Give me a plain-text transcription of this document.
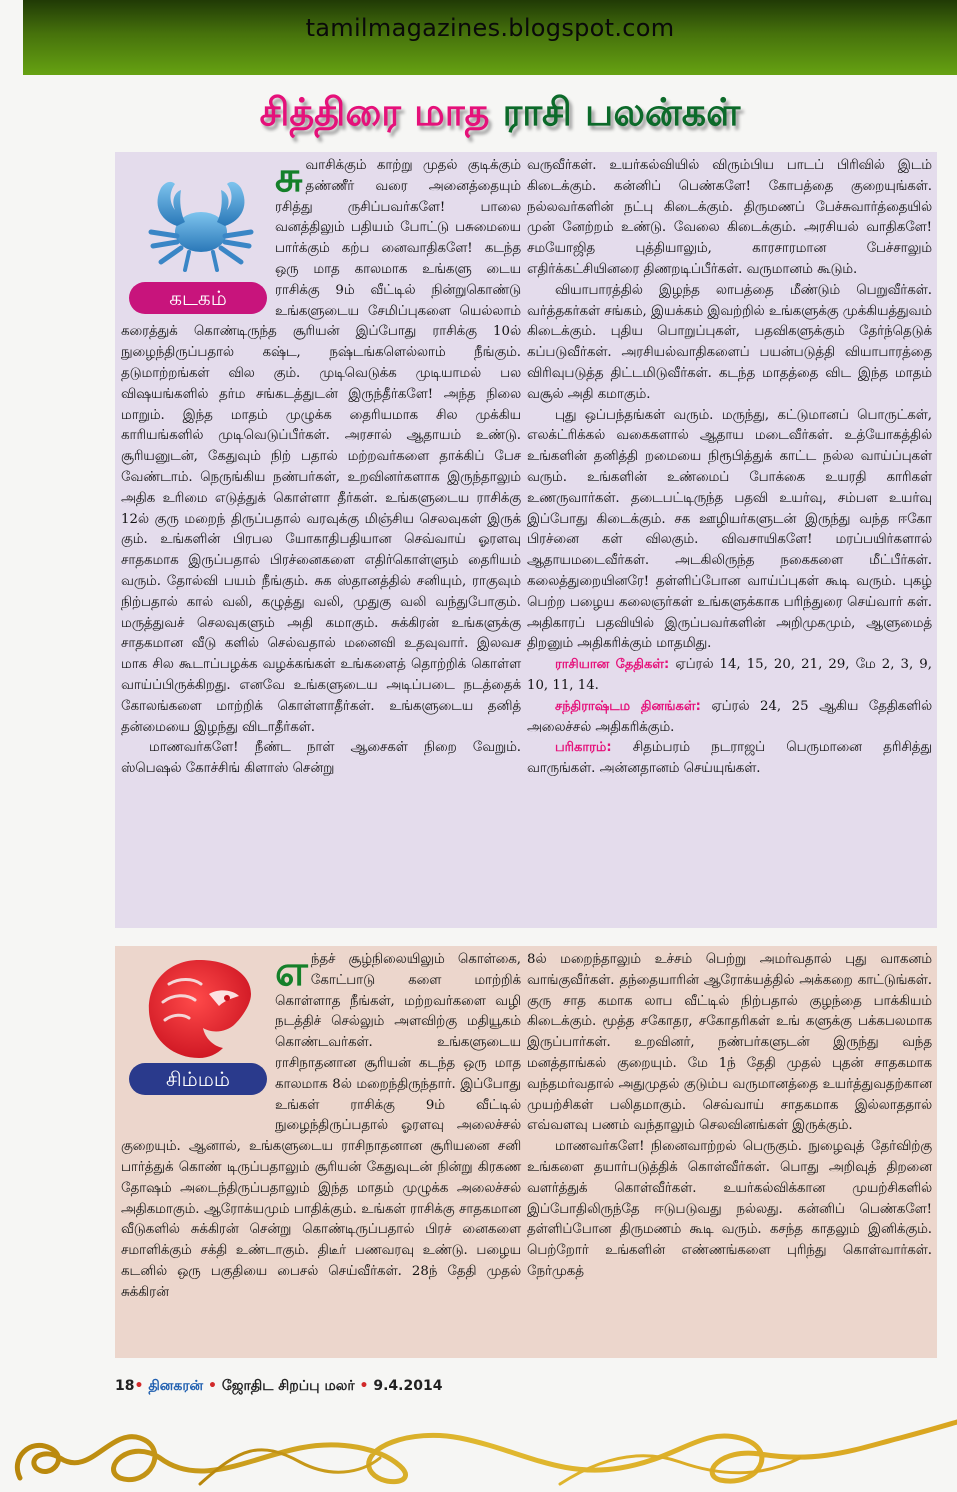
tamilmagazines.blogspot.com
சித்திரை மாத ராசி பலன்கள்
கடகம்
சு வாசிக்கும் காற்று முதல் குடிக்கும் தண்ணீர் வரை அனைத்தையும் ரசித்து ருசிப்பவர்களே! பாலை வனத்திலும் பதியம் போட்டு பசுமையை பார்க்கும் கற்ப னைவாதிகளே! கடந்த ஒரு மாத காலமாக உங்களு டைய ராசிக்கு 9ம் வீட்டில் நின்றுகொண்டு உங்களுடைய சேமிப்புகளை யெல்லாம் கரைத்துக் கொண்டிருந்த சூரியன் இப்போது ராசிக்கு 10ல் நுழைந்திருப்பதால் கஷ்ட, நஷ்டங்களெல்லாம் நீங்கும். தடுமாற்றங்கள் வில கும். முடிவெடுக்க முடியாமல் பல விஷயங்களில் தர்ம சங்கடத்துடன் இருந்தீர்களே! அந்த நிலை மாறும். இந்த மாதம் முழுக்க தைரியமாக சில முக்கிய காரியங்களில் முடிவெடுப்பீர்கள். அரசால் ஆதாயம் உண்டு. சூரியனுடன், கேதுவும் நிற் பதால் மற்றவர்களை தாக்கிப் பேச வேண்டாம். நெருங்கிய நண்பர்கள், உறவினர்களாக இருந்தாலும் அதிக உரிமை எடுத்துக் கொள்ளா தீர்கள். உங்களுடைய ராசிக்கு 12ல் குரு மறைந் திருப்பதால் வரவுக்கு மிஞ்சிய செலவுகள் இருக் கும். உங்களின் பிரபல யோகாதிபதியான செவ்வாய் ஓரளவு சாதகமாக இருப்பதால் பிரச்னைகளை எதிர்கொள்ளும் தைரியம் வரும். தோல்வி பயம் நீங்கும். சுக ஸ்தானத்தில் சனியும், ராகுவும் நிற்பதால் கால் வலி, கழுத்து வலி, முதுகு வலி வந்துபோகும். மருத்துவச் செலவுகளும் அதி கமாகும். சுக்கிரன் உங்களுக்கு சாதகமான வீடு களில் செல்வதால் மனைவி உதவுவார். இலவச மாக சில கூடாப்பழக்க வழக்கங்கள் உங்களைத் தொற்றிக் கொள்ள வாய்ப்பிருக்கிறது. எனவே உங்களுடைய அடிப்படை நடத்தைக் கோலங்களை மாற்றிக் கொள்ளாதீர்கள். உங்களுடைய தனித் தன்மையை இழந்து விடாதீர்கள்.

மாணவர்களே! நீண்ட நாள் ஆசைகள் நிறை வேறும். ஸ்பெஷல் கோச்சிங் கிளாஸ் சென்று

வருவீர்கள். உயர்கல்வியில் விரும்பிய பாடப் பிரிவில் இடம் கிடைக்கும். கன்னிப் பெண்களே! கோபத்தை குறையுங்கள். நல்லவர்களின் நட்பு கிடைக்கும். திருமணப் பேச்சுவார்த்தையில் முன் னேற்றம் உண்டு. வேலை கிடைக்கும். அரசியல் வாதிகளே! சமயோஜித புத்தியாலும், காரசாரமான பேச்சாலும் எதிர்க்கட்சியினரை திணறடிப்பீர்கள். வருமானம் கூடும்.

வியாபாரத்தில் இழந்த லாபத்தை மீண்டும் பெறுவீர்கள். வர்த்தகர்கள் சங்கம், இயக்கம் இவற்றில் உங்களுக்கு முக்கியத்துவம் கிடைக்கும். புதிய பொறுப்புகள், பதவிகளுக்கும் தேர்ந்தெடுக் கப்படுவீர்கள். அரசியல்வாதிகளைப் பயன்படுத்தி வியாபாரத்தை விரிவுபடுத்த திட்டமிடுவீர்கள். கடந்த மாதத்தை விட இந்த மாதம் வசூல் அதி கமாகும்.

புது ஒப்பந்தங்கள் வரும். மருந்து, கட்டுமானப் பொருட்கள், எலக்ட்ரிக்கல் வகைகளால் ஆதாய மடைவீர்கள். உத்யோகத்தில் உங்களின் தனித்தி றமையை நிரூபித்துக் காட்ட நல்ல வாய்ப்புகள் வரும். உங்களின் உண்மைப் போக்கை உயரதி காரிகள் உணருவார்கள். தடைபட்டிருந்த பதவி உயர்வு, சம்பள உயர்வு இப்போது கிடைக்கும். சக ஊழியர்களுடன் இருந்து வந்த ஈகோ பிரச்னை கள் விலகும். விவசாயிகளே! மரப்பயிர்களால் ஆதாயமடைவீர்கள். அடகிலிருந்த நகைகளை மீட்பீர்கள். கலைத்துறையினரே! தள்ளிப்போன வாய்ப்புகள் கூடி வரும். புகழ் பெற்ற பழைய கலைஞர்கள் உங்களுக்காக பரிந்துரை செய்வார் கள். அதிகாரப் பதவியில் இருப்பவர்களின் அறிமுகமும், ஆளுமைத் திறனும் அதிகரிக்கும் மாதமிது.

ராசியான தேதிகள்: ஏப்ரல் 14, 15, 20, 21, 29, மே 2, 3, 9, 10, 11, 14.

சந்திராஷ்டம தினங்கள்: ஏப்ரல் 24, 25 ஆகிய தேதிகளில் அலைச்சல் அதிகரிக்கும்.

பரிகாரம்: சிதம்பரம் நடராஜப் பெருமானை தரிசித்து வாருங்கள். அன்னதானம் செய்யுங்கள்.

சிம்மம்
எ ந்தச் சூழ்நிலையிலும் கொள்கை, கோட்பாடு களை மாற்றிக் கொள்ளாத நீங்கள், மற்றவர்களை வழி நடத்திச் செல்லும் அளவிற்கு மதியூகம் கொண்டவர்கள். உங்களுடைய ராசிநாதனான சூரியன் கடந்த ஒரு மாத காலமாக 8ல் மறைந்திருந்தார். இப்போது உங்கள் ராசிக்கு 9ம் வீட்டில் நுழைந்திருப்பதால் ஓரளவு அலைச்சல் குறையும். ஆனால், உங்களுடைய ராசிநாதனான சூரியனை சனி பார்த்துக் கொண் டிருப்பதாலும் சூரியன் கேதுவுடன் நின்று கிரகண தோஷம் அடைந்திருப்பதாலும் இந்த மாதம் முழுக்க அலைச்சல் அதிகமாகும். ஆரோக்யமும் பாதிக்கும். உங்கள் ராசிக்கு சாதகமான வீடுகளில் சுக்கிரன் சென்று கொண்டிருப்பதால் பிரச் னைகளை சமாளிக்கும் சக்தி உண்டாகும். திடீர் பணவரவு உண்டு. பழைய கடனில் ஒரு பகுதியை பைசல் செய்வீர்கள். 28ந் தேதி முதல் சுக்கிரன்

8ல் மறைந்தாலும் உச்சம் பெற்று அமர்வதால் புது வாகனம் வாங்குவீர்கள். தந்தையாரின் ஆரோக்யத்தில் அக்கறை காட்டுங்கள். குரு சாத கமாக லாப வீட்டில் நிற்பதால் குழந்தை பாக்கியம் கிடைக்கும். மூத்த சகோதர, சகோதரிகள் உங் களுக்கு பக்கபலமாக இருப்பார்கள். உறவினர், நண்பர்களுடன் இருந்து வந்த மனத்தாங்கல் குறையும். மே 1ந் தேதி முதல் புதன் சாதகமாக வந்தமர்வதால் அதுமுதல் குடும்ப வருமானத்தை உயர்த்துவதற்கான முயற்சிகள் பலிதமாகும். செவ்வாய் சாதகமாக இல்லாததால் எவ்வளவு பணம் வந்தாலும் செலவினங்கள் இருக்கும்.

மாணவர்களே! நினைவாற்றல் பெருகும். நுழைவுத் தேர்விற்கு உங்களை தயார்படுத்திக் கொள்வீர்கள். பொது அறிவுத் திறனை வளர்த்துக் கொள்வீர்கள். உயர்கல்விக்கான முயற்சிகளில் இப்போதிலிருந்தே ஈடுபடுவது நல்லது. கன்னிப் பெண்களே! தள்ளிப்போன திருமணம் கூடி வரும். கசந்த காதலும் இனிக்கும். பெற்றோர் உங்களின் எண்ணங்களை புரிந்து கொள்வார்கள். நேர்முகத்

18• தினகரன் • ஜோதிட சிறப்பு மலர் • 9.4.2014
